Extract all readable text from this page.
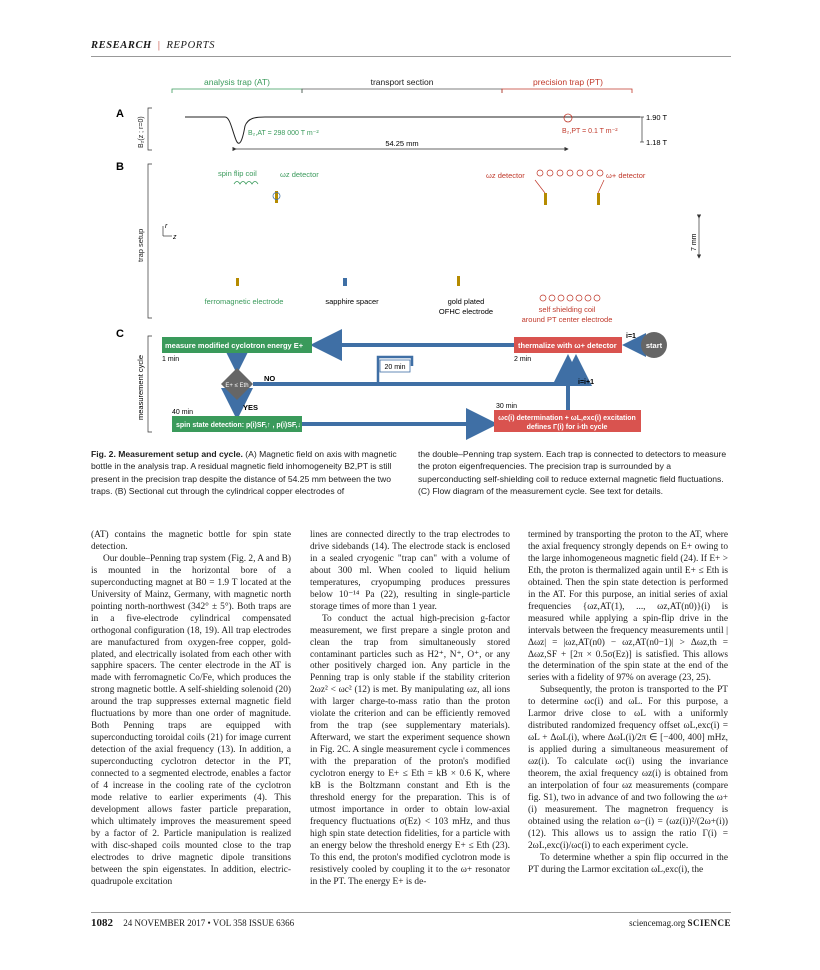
RESEARCH | REPORTS
analysis trap (AT)	transport section	precision trap (PT)
A
B₂(z ; r=0)	1.90 T
1.18 T
B₂,AT = 298 000 T m⁻²	B₂,PT = 0.1 T m⁻²
54.25 mm
B
trap setup
r
z
spin flip coil	ωz detector	ωz detector	ω+ detector
7 mm
ferromagnetic electrode	sapphire spacer	gold plated
OFHC electrode	self shielding coil
around PT center electrode
C
measurement cycle
measure modified cyclotron energy E+
1 min
E+ ≤ Eth
NO
YES
20 min
thermalize with ω+ detector
2 min
start
i=1
i=i+1
spin state detection: p(i)SF,↑ , p(i)SF,↓
40 min
ωc(i) determination + ωL,exc(i) excitation
defines Γ(i) for i-th cycle
30 min
Fig. 2. Measurement setup and cycle. (A) Magnetic field on axis with magnetic bottle in the analysis trap. A residual magnetic field inhomogeneity B2,PT is still present in the precision trap despite the distance of 54.25 mm between the two traps. (B) Sectional cut through the cylindrical copper electrodes of
the double–Penning trap system. Each trap is connected to detectors to measure the proton eigenfrequencies. The precision trap is surrounded by a superconducting self-shielding coil to reduce external magnetic field fluctuations. (C) Flow diagram of the measurement cycle. See text for details.

(AT) contains the magnetic bottle for spin state detection.

Our double–Penning trap system (Fig. 2, A and B) is mounted in the horizontal bore of a superconducting magnet at B0 = 1.9 T located at the University of Mainz, Germany, with magnetic north pointing north-northwest (342° ± 5°). Both traps are in a five-electrode cylindrical compensated orthogonal configuration (18, 19). All trap electrodes are manufactured from oxygen-free copper, gold-plated, and electrically isolated from each other with sapphire spacers. The center electrode in the AT is made with ferromagnetic Co/Fe, which produces the strong magnetic bottle. A self-shielding solenoid (20) around the trap suppresses external magnetic field fluctuations by more than one order of magnitude. Both Penning traps are equipped with superconducting toroidal coils (21) for image current detection of the axial frequency (13). In addition, a superconducting cyclotron detector in the PT, connected to a segmented electrode, enables a factor of 4 increase in the cooling rate of the cyclotron mode relative to earlier experiments (4). This development allows faster particle preparation, which ultimately improves the measurement speed by a factor of 2. Particle manipulation is realized with disc-shaped coils mounted close to the trap electrodes to drive magnetic dipole transitions between the spin eigenstates. In addition, electric-quadrupole excitation

lines are connected directly to the trap electrodes to drive sidebands (14). The electrode stack is enclosed in a sealed cryogenic "trap can" with a volume of about 300 ml. When cooled to liquid helium temperatures, cryopumping produces pressures below 10⁻¹⁴ Pa (22), resulting in single-particle storage times of more than 1 year.

To conduct the actual high-precision g-factor measurement, we first prepare a single proton and clean the trap from simultaneously stored contaminant particles such as H2⁺, N⁺, O⁺, or any other positively charged ion. Any particle in the Penning trap is only stable if the stability criterion 2ωz² < ωc² (12) is met. By manipulating ωz, all ions with larger charge-to-mass ratio than the proton violate the criterion and can be efficiently removed from the trap (see supplementary materials). Afterward, we start the experiment sequence shown in Fig. 2C. A single measurement cycle i commences with the preparation of the proton's modified cyclotron energy to E+ ≤ Eth = kB × 0.6 K, where kB is the Boltzmann constant and Eth is the threshold energy for the preparation. This is of utmost importance in order to obtain low-axial frequency fluctuations σ(Ez) < 103 mHz, and thus high spin state detection fidelities, for a particle with an energy below the threshold energy E+ ≤ Eth (23). To this end, the proton's modified cyclotron mode is resistively cooled by coupling it to the ω+ resonator in the PT. The energy E+ is de-

termined by transporting the proton to the AT, where the axial frequency strongly depends on E+ owing to the large inhomogeneous magnetic field (24). If E+ > Eth, the proton is thermalized again until E+ ≤ Eth is obtained. Then the spin state detection is performed in the AT. For this purpose, an initial series of axial frequencies {ωz,AT(1), ..., ωz,AT(n0)}(i) is measured while applying a spin-flip drive in the intervals between the frequency measurements until |Δωz| = |ωz,AT(n0) − ωz,AT(n0−1)| > Δωz,th = Δωz,SF + [2π × 0.5σ(Ez)] is satisfied. This allows the determination of the spin state at the end of the series with a fidelity of 97% on average (23, 25).

Subsequently, the proton is transported to the PT to determine ωc(i) and ωL. For this purpose, a Larmor drive close to ωL with a uniformly distributed randomized frequency offset ωL,exc(i) = ωL + ΔωL(i), where ΔωL(i)/2π ∈ [−400, 400] mHz, is applied during a simultaneous measurement of ωz(i). To calculate ωc(i) using the invariance theorem, the axial frequency ωz(i) is obtained from an interpolation of four ωz measurements (compare fig. S1), two in advance of and two following the ω+(i) measurement. The magnetron frequency is obtained using the relation ω−(i) = (ωz(i))²/(2ω+(i)) (12). This allows us to assign the ratio Γ(i) = 2ωL,exc(i)/ωc(i) to each experiment cycle.

To determine whether a spin flip occurred in the PT during the Larmor excitation ωL,exc(i), the

1082 24 NOVEMBER 2017 • VOL 358 ISSUE 6366	sciencemag.org SCIENCE
